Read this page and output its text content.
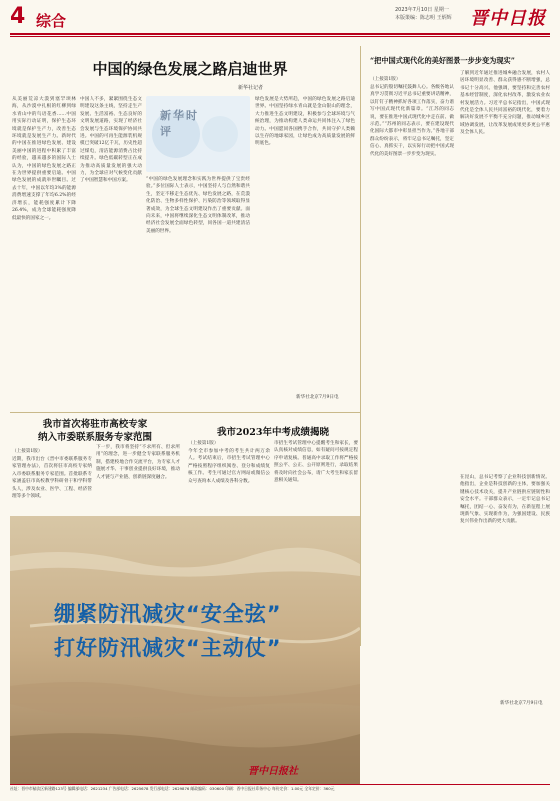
4 综合
2023年7月10日 星期一
本版策编：陈志明 王炳辉 晋中日报
中国的绿色发展之路启迪世界
新华社记者
从美丽荒凉大漠到塞罕坝林海，从沙漠中扎根的红柳到绿水青山中的鸟语花香……中国用实际行动证明，保护生态环境就是保护生产力，改善生态环境就是发展生产力。新时代的中国在推进绿色发展、建设美丽中国的进程中积累了丰富的经验，越来越多的国际人士认为，中国的绿色发展之路正在为世界提供重要启迪。中国绿色发展的成就举世瞩目。过去十年，中国以年均3%的能源消费增速支撑了年均6.2%的经济增长，能耗强度累计下降26.4%，成为全球能耗强度降低最快的国家之一。
中国人不多，紧紧围绕生态文明建设这条主线，坚持走生产发展、生活富裕、生态良好的文明发展道路，实现了经济社会发展与生态环境保护协同共进。中国的可再生能源装机规模已突破12亿千瓦，历史性超过煤电，清洁能源消费占比持续提升。绿色低碳转型正在成为推动高质量发展的强大动力，为全球应对气候变化贡献了中国智慧和中国方案。
新华时评
“中国的绿色发展理念和实践为世界提供了宝贵经验。”多位国际人士表示，中国坚持人与自然和谐共生，坚定不移走生态优先、绿色发展之路，在荒漠化防治、生物多样性保护、污染防治等领域取得显著成效，为全球生态文明建设作出了重要贡献。面向未来，中国将继续深化生态文明体制改革，推动经济社会发展全面绿色转型，同各国一道共建清洁美丽的世界。
绿色发展是大势所趋，中国的绿色发展之路启迪世界。中国坚持绿水青山就是金山银山的理念，大力推进生态文明建设，积极参与全球环境与气候治理，为推动构建人类命运共同体注入了绿色动力。中国愿同各国携手合作，共同守护人类赖以生存的地球家园，让绿色成为高质量发展的鲜明底色。
新华社北京7月9日电
“把中国式现代化的美好图景一步步变为现实”
（上接第1版）
总书记的殷切嘱托鼓舞人心。各级各地认真学习贯彻习近平总书记重要讲话精神，以钉钉子精神抓好各项工作落实，奋力谱写中国式现代化新篇章。“江苏的同志说，要在推进中国式现代化中走在前、做示范。”“苏州的同志表示，要在建设现代化国际大都市中彰显担当作为。”各地干部群众纷纷表示，将牢记总书记嘱托，坚定信心、真抓实干，以实际行动把中国式现代化的美好图景一步步变为现实。
了解到近年通过推进城乡融合发展，农村人居环境明显改善、群众获得感不断增强，总书记十分高兴。他强调，要坚持和完善农村基本经营制度，深化农村改革，激发农业农村发展活力。习近平总书记指出，中国式现代化是全体人民共同富裕的现代化，要着力解决好发展不平衡不充分问题，推动城乡区域协调发展，让改革发展成果更多更公平惠及全体人民。
在昆山，总书记考察了企业科技创新情况。他指出，企业是科技创新的主体，要加强关键核心技术攻关，提升产业链供应链韧性和安全水平。干部群众表示，一定牢记总书记嘱托，团结一心、奋发有为，在新征程上展现新气象、实现新作为，为强国建设、民族复兴伟业作出新的更大贡献。
新华社北京7月9日电
我市首次将驻市高校专家
纳入市委联系服务专家范围
（上接第1版）
近期，我市出台《晋中市委联系服务专家管理办法》，首次将驻市高校专家纳入市委联系服务专家范围。首批联系专家涵盖驻市高校教学科研骨干和学科带头人，涉及农业、医学、工程、经济管理等多个领域。
下一步，我市将坚持“不求所有、但求所用”的理念，进一步健全专家联系服务机制，搭建校地合作交流平台，为专家人才施展才华、干事创业提供良好环境，推动人才链与产业链、创新链深度融合。
我市2023年中考成绩揭晓
（上接第1版）
今年全市参加中考的考生共计两万余人。考试结束后，市招生考试管理中心严格按照程序组织阅卷、登分和成绩复核工作。考生可通过官方网站或微信公众号查询本人成绩及各科分数。
市招生考试管理中心提醒考生和家长，要认真核对成绩信息，如有疑问可按规定程序申请复核。普通高中录取工作将严格按照公平、公正、公开原则进行，录取结果将及时向社会公布，请广大考生和家长留意相关通知。
绷紧防汛减灾“安全弦”
打好防汛减灾“主动仗”
晋中日报社
社址：晋中市榆次区新建路123号 编辑部电话：2621234 广告部电话：2625678 发行部电话：2629876 邮政编码：030600 印刷：晋中日报社印务中心 每份定价：1.00元 全年定价：360元
